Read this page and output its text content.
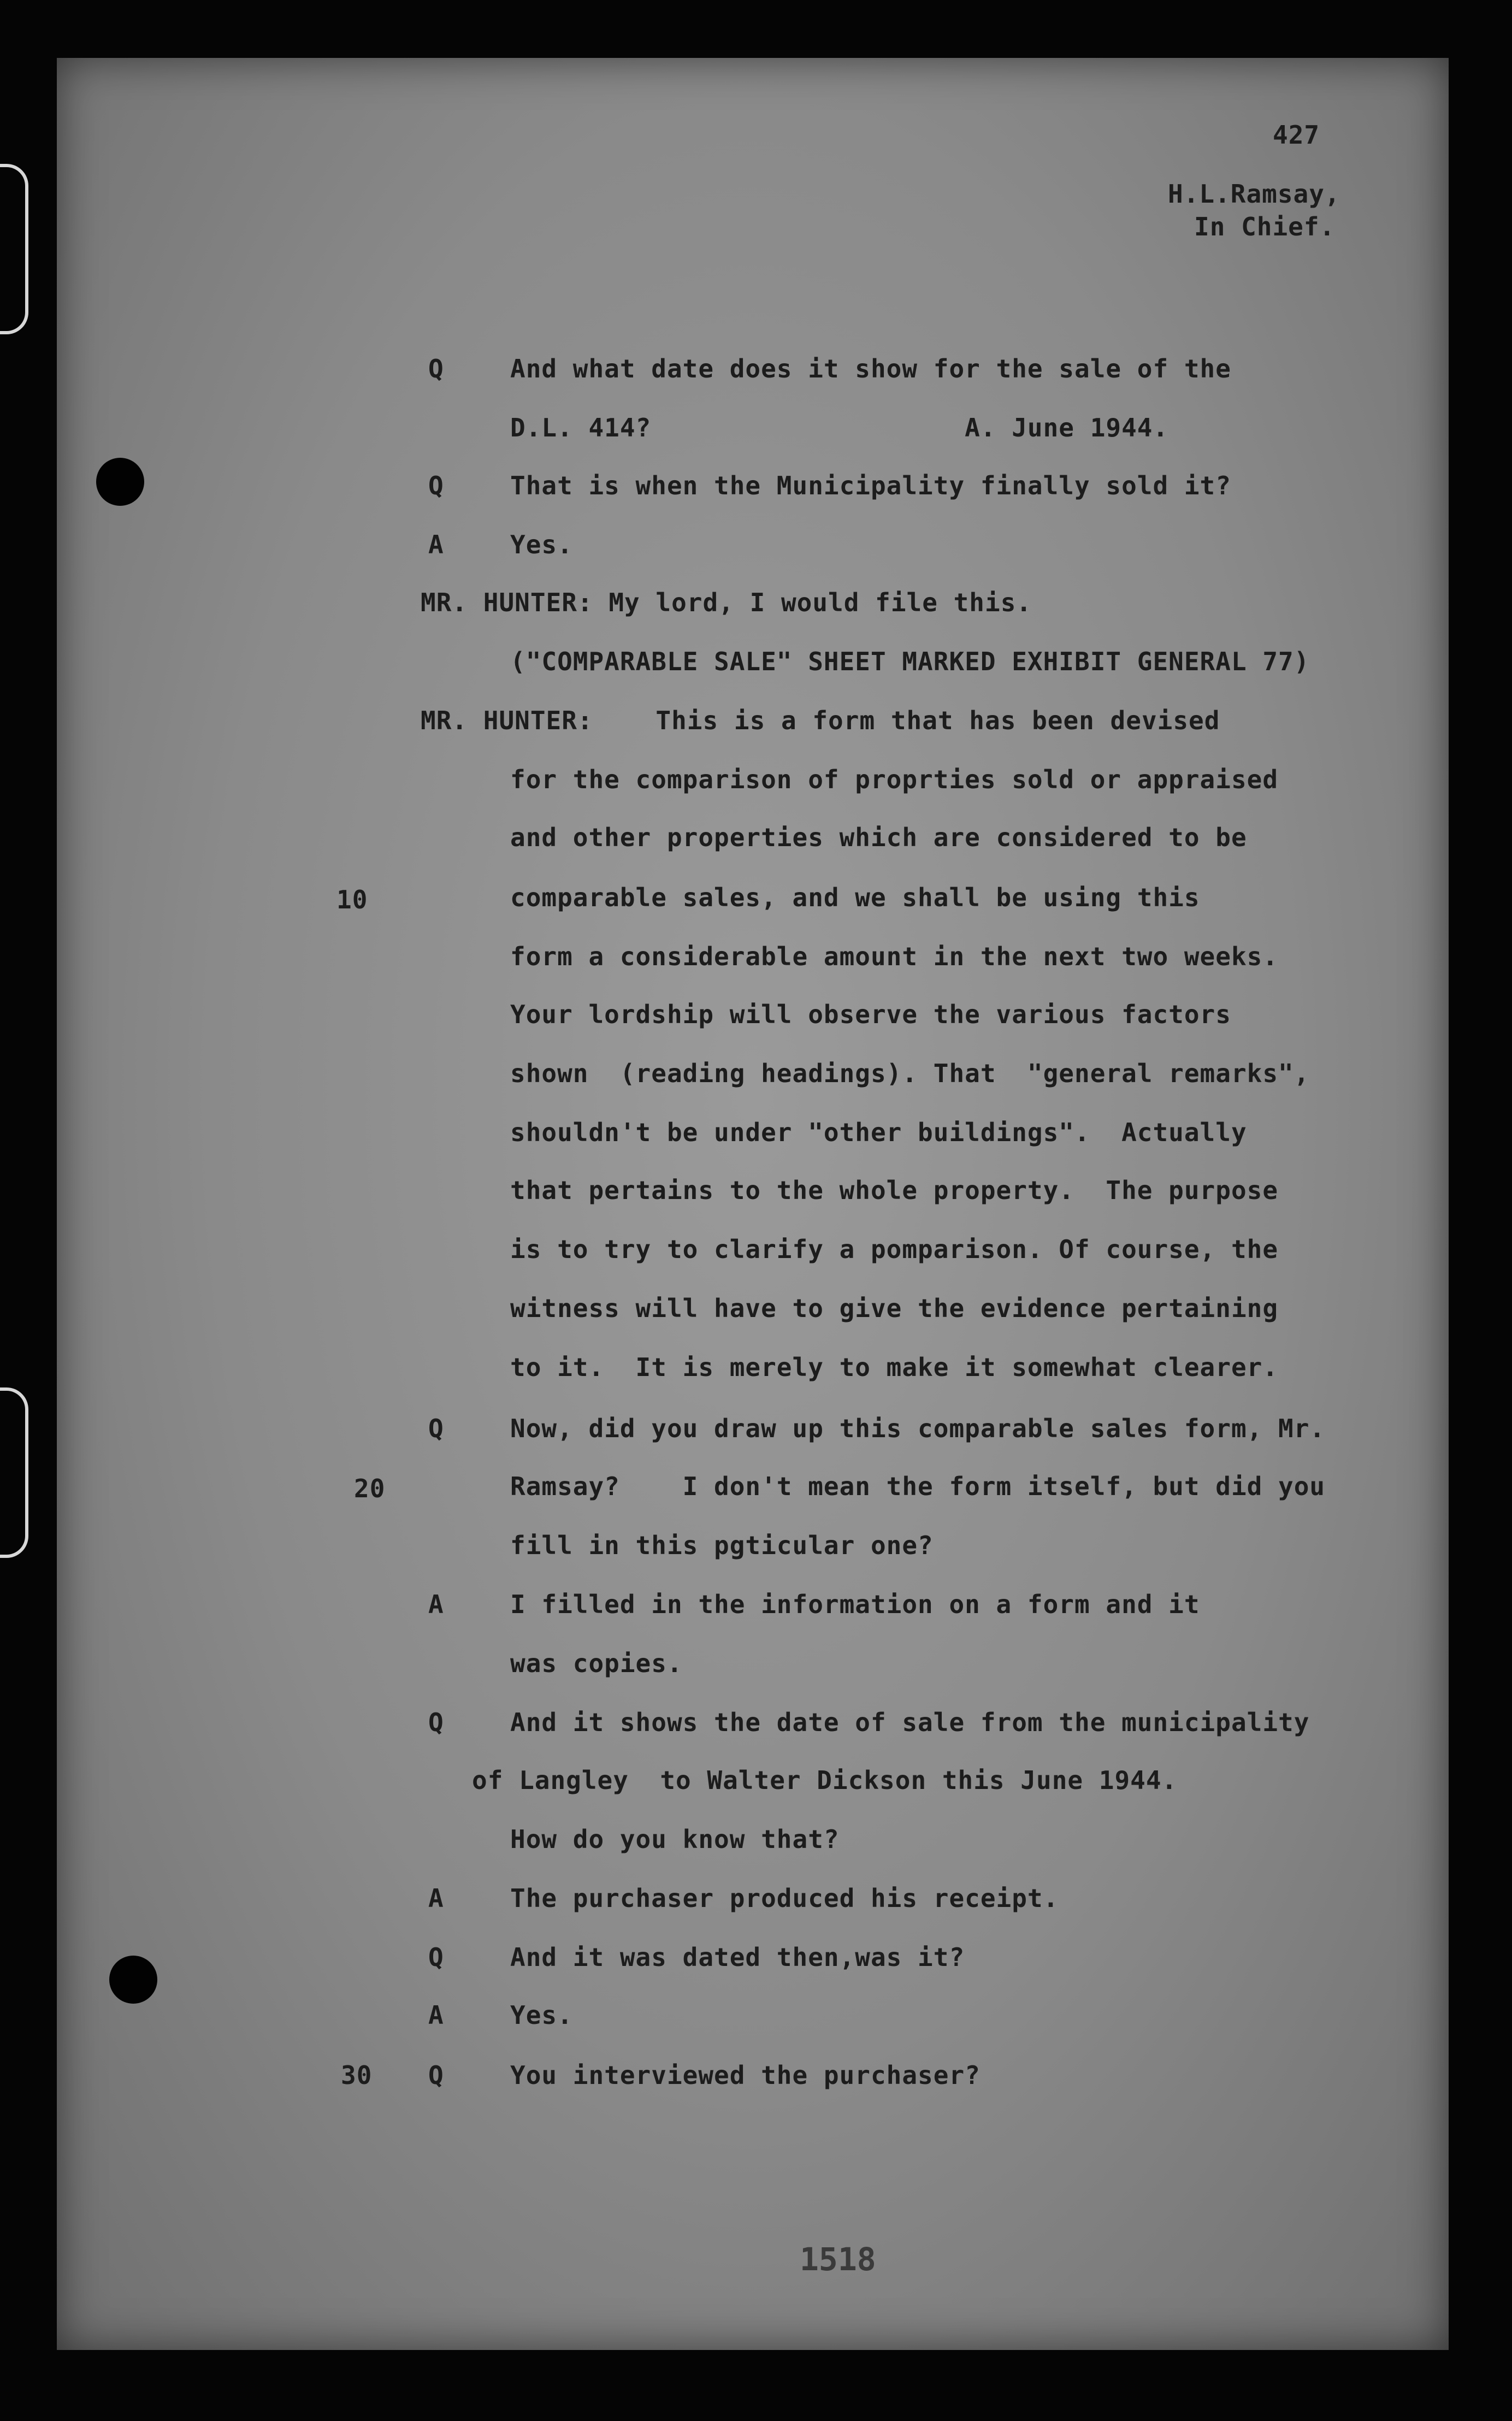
427
H.L.Ramsay,
In Chief.
Q
Q
A
Q
A
Q
A
Q
A
Q
10
20
30
And what date does it show for the sale of the
D.L. 414?                    A. June 1944.
That is when the Municipality finally sold it?
Yes.
MR. HUNTER: My lord, I would file this.
("COMPARABLE SALE" SHEET MARKED EXHIBIT GENERAL 77)
MR. HUNTER:    This is a form that has been devised
for the comparison of proprties sold or appraised
and other properties which are considered to be
comparable sales, and we shall be using this
form a considerable amount in the next two weeks.
Your lordship will observe the various factors
shown  (reading headings). That  "general remarks",
shouldn't be under "other buildings".  Actually
that pertains to the whole property.  The purpose
is to try to clarify a pomparison. Of course, the
witness will have to give the evidence pertaining
to it.  It is merely to make it somewhat clearer.
Now, did you draw up this comparable sales form, Mr.
Ramsay?    I don't mean the form itself, but did you
fill in this pgticular one?
I filled in the information on a form and it
was copies.
And it shows the date of sale from the municipality
of Langley  to Walter Dickson this June 1944.
How do you know that?
The purchaser produced his receipt.
And it was dated then,was it?
Yes.
You interviewed the purchaser?
1518
